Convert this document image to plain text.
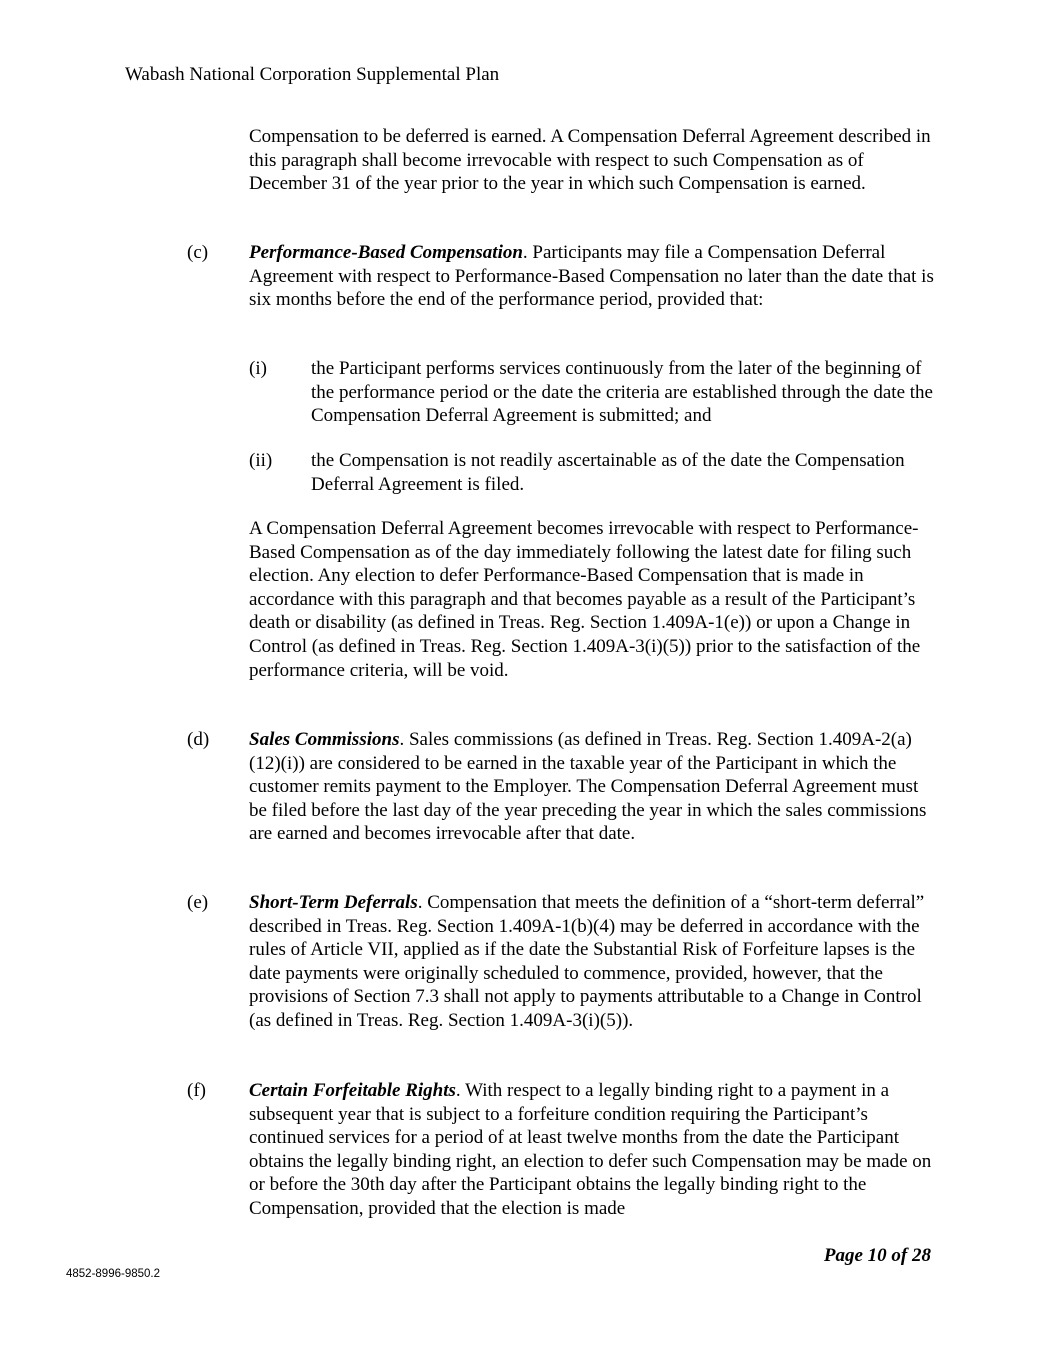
Wabash National Corporation Supplemental Plan
Compensation to be deferred is earned. A Compensation Deferral Agreement described in this paragraph shall become irrevocable with respect to such Compensation as of December 31 of the year prior to the year in which such Compensation is earned.
(c) Performance-Based Compensation. Participants may file a Compensation Deferral Agreement with respect to Performance-Based Compensation no later than the date that is six months before the end of the performance period, provided that:
(i) the Participant performs services continuously from the later of the beginning of the performance period or the date the criteria are established through the date the Compensation Deferral Agreement is submitted; and
(ii) the Compensation is not readily ascertainable as of the date the Compensation Deferral Agreement is filed.
A Compensation Deferral Agreement becomes irrevocable with respect to Performance-Based Compensation as of the day immediately following the latest date for filing such election. Any election to defer Performance-Based Compensation that is made in accordance with this paragraph and that becomes payable as a result of the Participant’s death or disability (as defined in Treas. Reg. Section 1.409A-1(e)) or upon a Change in Control (as defined in Treas. Reg. Section 1.409A-3(i)(5)) prior to the satisfaction of the performance criteria, will be void.
(d) Sales Commissions. Sales commissions (as defined in Treas. Reg. Section 1.409A-2(a)(12)(i)) are considered to be earned in the taxable year of the Participant in which the customer remits payment to the Employer. The Compensation Deferral Agreement must be filed before the last day of the year preceding the year in which the sales commissions are earned and becomes irrevocable after that date.
(e) Short-Term Deferrals. Compensation that meets the definition of a “short-term deferral” described in Treas. Reg. Section 1.409A-1(b)(4) may be deferred in accordance with the rules of Article VII, applied as if the date the Substantial Risk of Forfeiture lapses is the date payments were originally scheduled to commence, provided, however, that the provisions of Section 7.3 shall not apply to payments attributable to a Change in Control (as defined in Treas. Reg. Section 1.409A-3(i)(5)).
(f) Certain Forfeitable Rights. With respect to a legally binding right to a payment in a subsequent year that is subject to a forfeiture condition requiring the Participant’s continued services for a period of at least twelve months from the date the Participant obtains the legally binding right, an election to defer such Compensation may be made on or before the 30th day after the Participant obtains the legally binding right to the Compensation, provided that the election is made
Page 10 of 28
4852-8996-9850.2
